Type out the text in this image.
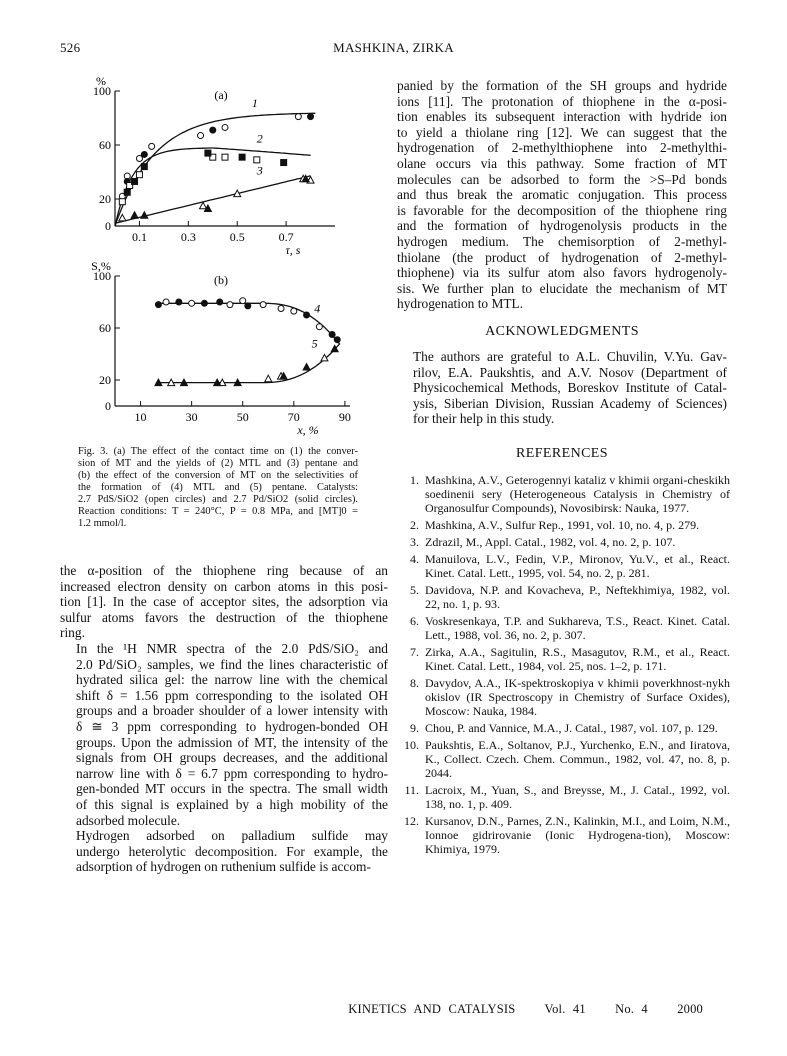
526	MASHKINA, ZIRKA
0
20
60
100
0.1	0.3	0.5	0.7
%
τ, s
(a)
1
2
3
0
20
60
100
10	30	50	70	90
S,%
x, %
(b)
4
5
Fig. 3. (a) The effect of the contact time on (1) the conver-
sion of MT and the yields of (2) MTL and (3) pentane and
(b) the effect of the conversion of MT on the selectivities of
the formation of (4) MTL and (5) pentane. Catalysts:
2.7 PdS/SiO2 (open circles) and 2.7 Pd/SiO2 (solid circles).
Reaction conditions: T = 240°C, P = 0.8 MPa, and [MT]0 =
1.2 mmol/l.
the α-position of the thiophene ring because of an
increased electron density on carbon atoms in this posi-
tion [1]. In the case of acceptor sites, the adsorption via
sulfur atoms favors the destruction of the thiophene
ring.
In the ¹H NMR spectra of the 2.0 PdS/SiO₂ and
2.0 Pd/SiO₂ samples, we find the lines characteristic of
hydrated silica gel: the narrow line with the chemical
shift δ = 1.56 ppm corresponding to the isolated OH
groups and a broader shoulder of a lower intensity with
δ ≅ 3 ppm corresponding to hydrogen-bonded OH
groups. Upon the admission of MT, the intensity of the
signals from OH groups decreases, and the additional
narrow line with δ = 6.7 ppm corresponding to hydro-
gen-bonded MT occurs in the spectra. The small width
of this signal is explained by a high mobility of the
adsorbed molecule.
Hydrogen adsorbed on palladium sulfide may
undergo heterolytic decomposition. For example, the
adsorption of hydrogen on ruthenium sulfide is accom-
panied by the formation of the SH groups and hydride
ions [11]. The protonation of thiophene in the α-posi-
tion enables its subsequent interaction with hydride ion
to yield a thiolane ring [12]. We can suggest that the
hydrogenation of 2-methylthiophene into 2-methylthi-
olane occurs via this pathway. Some fraction of MT
molecules can be adsorbed to form the >S–Pd bonds
and thus break the aromatic conjugation. This process
is favorable for the decomposition of the thiophene ring
and the formation of hydrogenolysis products in the
hydrogen medium. The chemisorption of 2-methyl-
thiolane (the product of hydrogenation of 2-methyl-
thiophene) via its sulfur atom also favors hydrogenoly-
sis. We further plan to elucidate the mechanism of MT
hydrogenation to MTL.
ACKNOWLEDGMENTS
The authors are grateful to A.L. Chuvilin, V.Yu. Gav-
rilov, E.A. Paukshtis, and A.V. Nosov (Department of
Physicochemical Methods, Boreskov Institute of Catal-
ysis, Siberian Division, Russian Academy of Sciences)
for their help in this study.
REFERENCES
1. Mashkina, A.V., Geterogennyi kataliz v khimii organi-cheskikh soedinenii sery (Heterogeneous Catalysis in Chemistry of Organosulfur Compounds), Novosibirsk: Nauka, 1977.
2. Mashkina, A.V., Sulfur Rep., 1991, vol. 10, no. 4, p. 279.
3. Zdrazil, M., Appl. Catal., 1982, vol. 4, no. 2, p. 107.
4. Manuilova, L.V., Fedin, V.P., Mironov, Yu.V., et al., React. Kinet. Catal. Lett., 1995, vol. 54, no. 2, p. 281.
5. Davidova, N.P. and Kovacheva, P., Neftekhimiya, 1982, vol. 22, no. 1, p. 93.
6. Voskresenkaya, T.P. and Sukhareva, T.S., React. Kinet. Catal. Lett., 1988, vol. 36, no. 2, p. 307.
7. Zirka, A.A., Sagitulin, R.S., Masagutov, R.M., et al., React. Kinet. Catal. Lett., 1984, vol. 25, nos. 1–2, p. 171.
8. Davydov, A.A., IK-spektroskopiya v khimii poverkhnost-nykh okislov (IR Spectroscopy in Chemistry of Surface Oxides), Moscow: Nauka, 1984.
9. Chou, P. and Vannice, M.A., J. Catal., 1987, vol. 107, p. 129.
10. Paukshtis, E.A., Soltanov, P.J., Yurchenko, E.N., and Iiratova, K., Collect. Czech. Chem. Commun., 1982, vol. 47, no. 8, p. 2044.
11. Lacroix, M., Yuan, S., and Breysse, M., J. Catal., 1992, vol. 138, no. 1, p. 409.
12. Kursanov, D.N., Parnes, Z.N., Kalinkin, M.I., and Loim, N.M., Ionnoe gidrirovanie (Ionic Hydrogena-tion), Moscow: Khimiya, 1979.
KINETICS AND CATALYSIS Vol. 41 No. 4 2000
